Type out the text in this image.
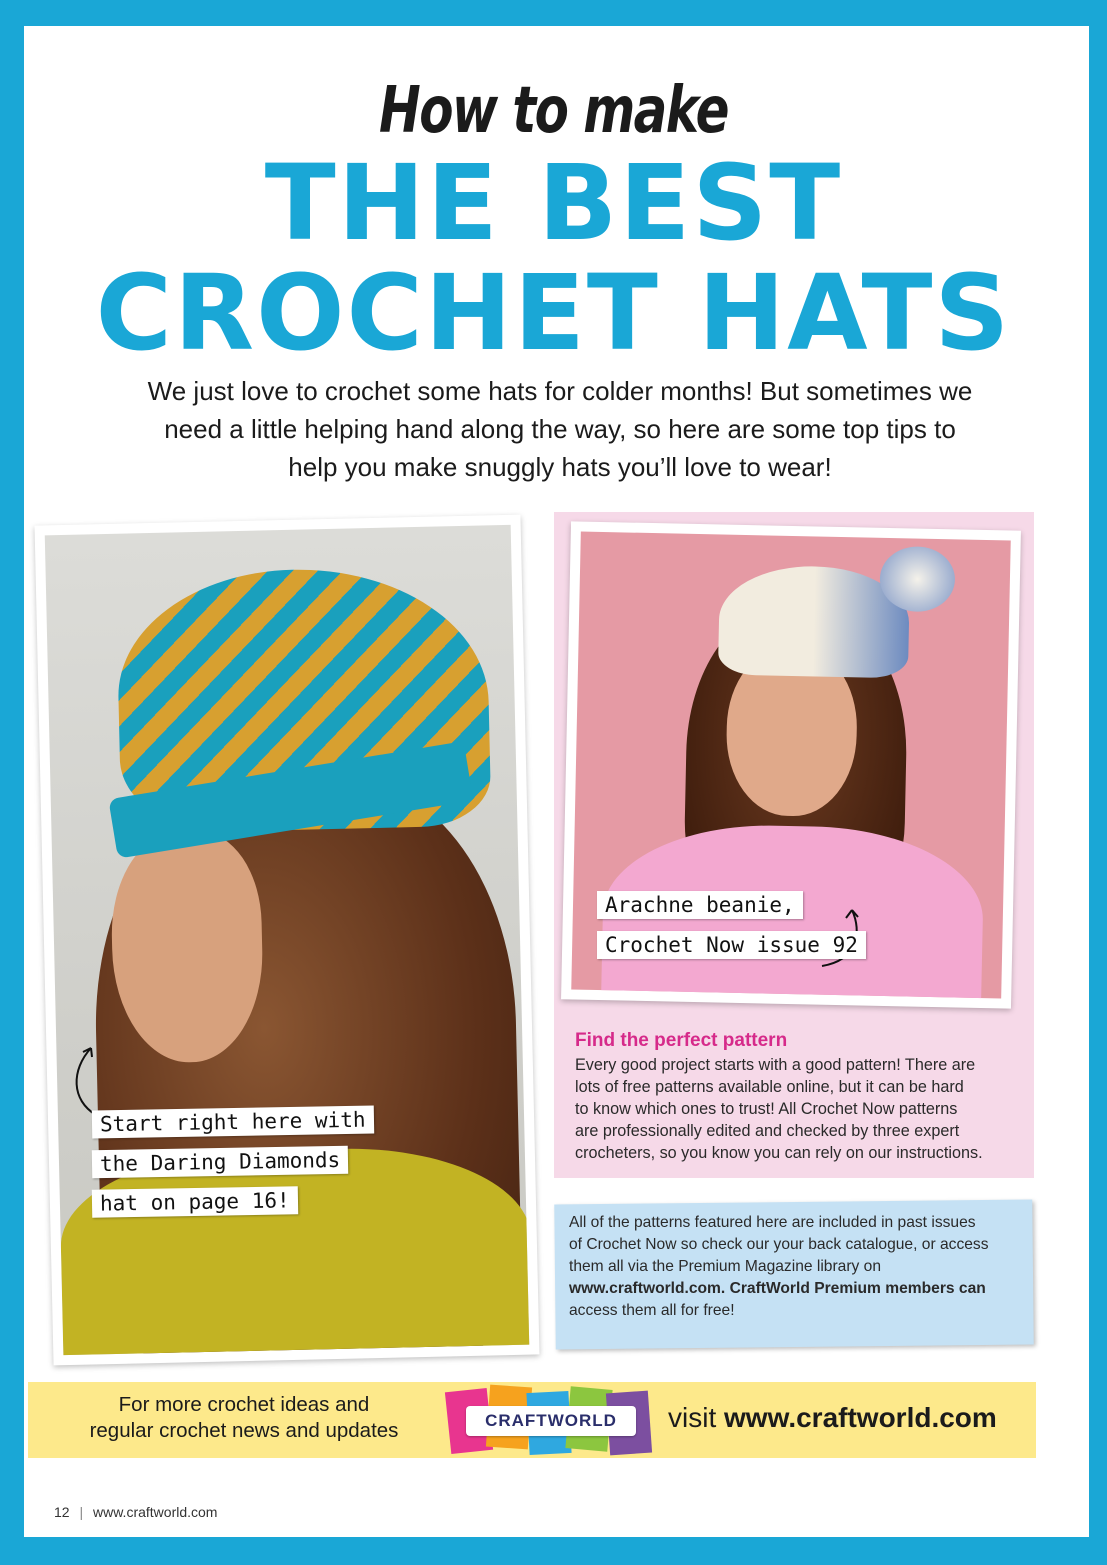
How to make
THE BEST
CROCHET HATS
We just love to crochet some hats for colder months! But sometimes we
need a little helping hand along the way, so here are some top tips to
help you make snuggly hats you’ll love to wear!
Start right here with
the Daring Diamonds
hat on page 16!
Arachne beanie,
Crochet Now issue 92
Find the perfect pattern
Every good project starts with a good pattern! There are
lots of free patterns available online, but it can be hard
to know which ones to trust! All Crochet Now patterns
are professionally edited and checked by three expert
crocheters, so you know you can rely on our instructions.
All of the patterns featured here are included in past issues
of Crochet Now so check our your back catalogue, or access
them all via the Premium Magazine library on
www.craftworld.com. CraftWorld Premium members can
access them all for free!
For more crochet ideas and
regular crochet news and updates	CRAFTWORLD	visit www.craftworld.com
12 | www.craftworld.com
